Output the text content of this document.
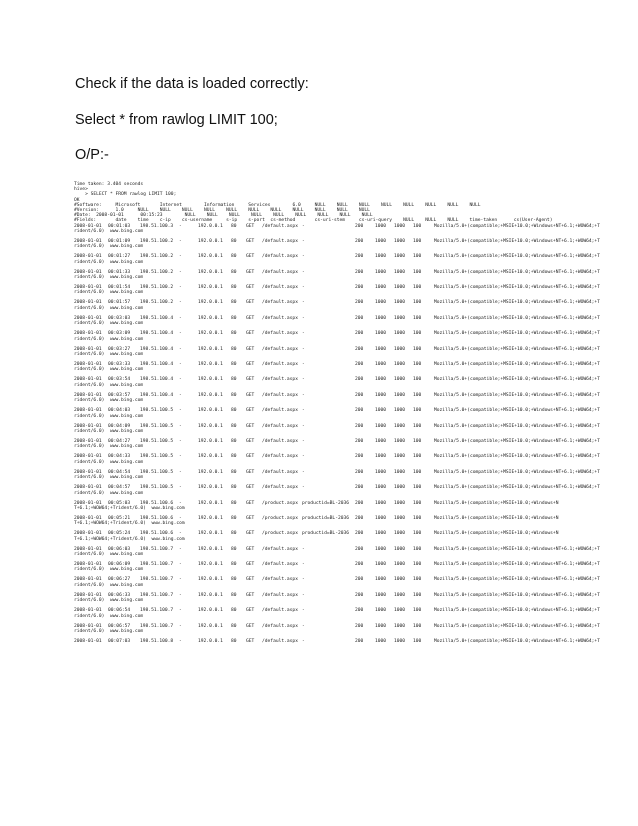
Check if the data is loaded correctly:
Select * from rawlog LIMIT 100;
O/P:-
Time taken: 3.404 seconds
hive>
> SELECT * FROM rawlog LIMIT 100;
OK
#Software:     Microsoft       Internet        Information     Services        6.0     NULL    NULL    NULL    NULL    NULL    NULL    NULL    NULL
#Version:      1.0     NULL    NULL    NULL    NULL    NULL    NULL    NULL    NULL    NULL    NULL    NULL
#Date:  2008-01-01      00:15:23        NULL    NULL    NULL    NULL    NULL    NULL    NULL    NULL    NULL
#Fields:       date    time    c-ip    cs-username     s-ip    s-port  cs-method       cs-uri-stem     cs-uri-query    NULL    NULL    NULL    time-taken      cs(User-Agent)
2008-01-01 00:01:03 198.51.100.3 -	192.0.0.1 80 GET /default.aspx -	200	1000 1000 100	Mozilla/5.0+(compatible;+MSIE+10.0;+Windows+NT+6.1;+WOW64;+T
rident/6.0)  www.bing.com
2008-01-01 00:01:09 198.51.100.2 -	192.0.0.1 80 GET /default.aspx -	200	1000 1000 100	Mozilla/5.0+(compatible;+MSIE+10.0;+Windows+NT+6.1;+WOW64;+T
rident/6.0)  www.bing.com
2008-01-01 00:01:27 198.51.100.2 -	192.0.0.1 80 GET /default.aspx -	200	1000 1000 100	Mozilla/5.0+(compatible;+MSIE+10.0;+Windows+NT+6.1;+WOW64;+T
rident/6.0)  www.bing.com
2008-01-01 00:01:33 198.51.100.2 -	192.0.0.1 80 GET /default.aspx -	200	1000 1000 100	Mozilla/5.0+(compatible;+MSIE+10.0;+Windows+NT+6.1;+WOW64;+T
rident/6.0)  www.bing.com
2008-01-01 00:01:54 198.51.100.2 -	192.0.0.1 80 GET /default.aspx -	200	1000 1000 100	Mozilla/5.0+(compatible;+MSIE+10.0;+Windows+NT+6.1;+WOW64;+T
rident/6.0)  www.bing.com
2008-01-01 00:01:57 198.51.100.2 -	192.0.0.1 80 GET /default.aspx -	200	1000 1000 100	Mozilla/5.0+(compatible;+MSIE+10.0;+Windows+NT+6.1;+WOW64;+T
rident/6.0)  www.bing.com
2008-01-01 00:03:03 198.51.100.4 -	192.0.0.1 80 GET /default.aspx -	200	1000 1000 100	Mozilla/5.0+(compatible;+MSIE+10.0;+Windows+NT+6.1;+WOW64;+T
rident/6.0)  www.bing.com
2008-01-01 00:03:09 198.51.100.4 -	192.0.0.1 80 GET /default.aspx -	200	1000 1000 100	Mozilla/5.0+(compatible;+MSIE+10.0;+Windows+NT+6.1;+WOW64;+T
rident/6.0)  www.bing.com
2008-01-01 00:03:27 198.51.100.4 -	192.0.0.1 80 GET /default.aspx -	200	1000 1000 100	Mozilla/5.0+(compatible;+MSIE+10.0;+Windows+NT+6.1;+WOW64;+T
rident/6.0)  www.bing.com
2008-01-01 00:03:33 198.51.100.4 -	192.0.0.1 80 GET /default.aspx -	200	1000 1000 100	Mozilla/5.0+(compatible;+MSIE+10.0;+Windows+NT+6.1;+WOW64;+T
rident/6.0)  www.bing.com
2008-01-01 00:03:54 198.51.100.4 -	192.0.0.1 80 GET /default.aspx -	200	1000 1000 100	Mozilla/5.0+(compatible;+MSIE+10.0;+Windows+NT+6.1;+WOW64;+T
rident/6.0)  www.bing.com
2008-01-01 00:03:57 198.51.100.4 -	192.0.0.1 80 GET /default.aspx -	200	1000 1000 100	Mozilla/5.0+(compatible;+MSIE+10.0;+Windows+NT+6.1;+WOW64;+T
rident/6.0)  www.bing.com
2008-01-01 00:04:03 198.51.100.5 -	192.0.0.1 80 GET /default.aspx -	200	1000 1000 100	Mozilla/5.0+(compatible;+MSIE+10.0;+Windows+NT+6.1;+WOW64;+T
rident/6.0)  www.bing.com
2008-01-01 00:04:09 198.51.100.5 -	192.0.0.1 80 GET /default.aspx -	200	1000 1000 100	Mozilla/5.0+(compatible;+MSIE+10.0;+Windows+NT+6.1;+WOW64;+T
rident/6.0)  www.bing.com
2008-01-01 00:04:27 198.51.100.5 -	192.0.0.1 80 GET /default.aspx -	200	1000 1000 100	Mozilla/5.0+(compatible;+MSIE+10.0;+Windows+NT+6.1;+WOW64;+T
rident/6.0)  www.bing.com
2008-01-01 00:04:33 198.51.100.5 -	192.0.0.1 80 GET /default.aspx -	200	1000 1000 100	Mozilla/5.0+(compatible;+MSIE+10.0;+Windows+NT+6.1;+WOW64;+T
rident/6.0)  www.bing.com
2008-01-01 00:04:54 198.51.100.5 -	192.0.0.1 80 GET /default.aspx -	200	1000 1000 100	Mozilla/5.0+(compatible;+MSIE+10.0;+Windows+NT+6.1;+WOW64;+T
rident/6.0)  www.bing.com
2008-01-01 00:04:57 198.51.100.5 -	192.0.0.1 80 GET /default.aspx -	200	1000 1000 100	Mozilla/5.0+(compatible;+MSIE+10.0;+Windows+NT+6.1;+WOW64;+T
rident/6.0)  www.bing.com
2008-01-01 00:05:03 198.51.100.6 -	192.0.0.1 80 GET /product.aspx productid=BL-2036 200	1000 1000 100	Mozilla/5.0+(compatible;+MSIE+10.0;+Windows+N
T+6.1;+WOW64;+Trident/6.0)  www.bing.com
2008-01-01 00:05:21 198.51.100.6 -	192.0.0.1 80 GET /product.aspx productid=BL-2036 200	1000 1000 100	Mozilla/5.0+(compatible;+MSIE+10.0;+Windows+N
T+6.1;+WOW64;+Trident/6.0)  www.bing.com
2008-01-01 00:05:24 198.51.100.6 -	192.0.0.1 80 GET /product.aspx productid=BL-2036 200	1000 1000 100	Mozilla/5.0+(compatible;+MSIE+10.0;+Windows+N
T+6.1;+WOW64;+Trident/6.0)  www.bing.com
2008-01-01 00:06:03 198.51.100.7 -	192.0.0.1 80 GET /default.aspx -	200	1000 1000 100	Mozilla/5.0+(compatible;+MSIE+10.0;+Windows+NT+6.1;+WOW64;+T
rident/6.0)  www.bing.com
2008-01-01 00:06:09 198.51.100.7 -	192.0.0.1 80 GET /default.aspx -	200	1000 1000 100	Mozilla/5.0+(compatible;+MSIE+10.0;+Windows+NT+6.1;+WOW64;+T
rident/6.0)  www.bing.com
2008-01-01 00:06:27 198.51.100.7 -	192.0.0.1 80 GET /default.aspx -	200	1000 1000 100	Mozilla/5.0+(compatible;+MSIE+10.0;+Windows+NT+6.1;+WOW64;+T
rident/6.0)  www.bing.com
2008-01-01 00:06:33 198.51.100.7 -	192.0.0.1 80 GET /default.aspx -	200	1000 1000 100	Mozilla/5.0+(compatible;+MSIE+10.0;+Windows+NT+6.1;+WOW64;+T
rident/6.0)  www.bing.com
2008-01-01 00:06:54 198.51.100.7 -	192.0.0.1 80 GET /default.aspx -	200	1000 1000 100	Mozilla/5.0+(compatible;+MSIE+10.0;+Windows+NT+6.1;+WOW64;+T
rident/6.0)  www.bing.com
2008-01-01 00:06:57 198.51.100.7 -	192.0.0.1 80 GET /default.aspx -	200	1000 1000 100	Mozilla/5.0+(compatible;+MSIE+10.0;+Windows+NT+6.1;+WOW64;+T
rident/6.0)  www.bing.com
2008-01-01 00:07:03 198.51.100.8 -	192.0.0.1 80 GET /default.aspx -	200	1000 1000 100	Mozilla/5.0+(compatible;+MSIE+10.0;+Windows+NT+6.1;+WOW64;+T
